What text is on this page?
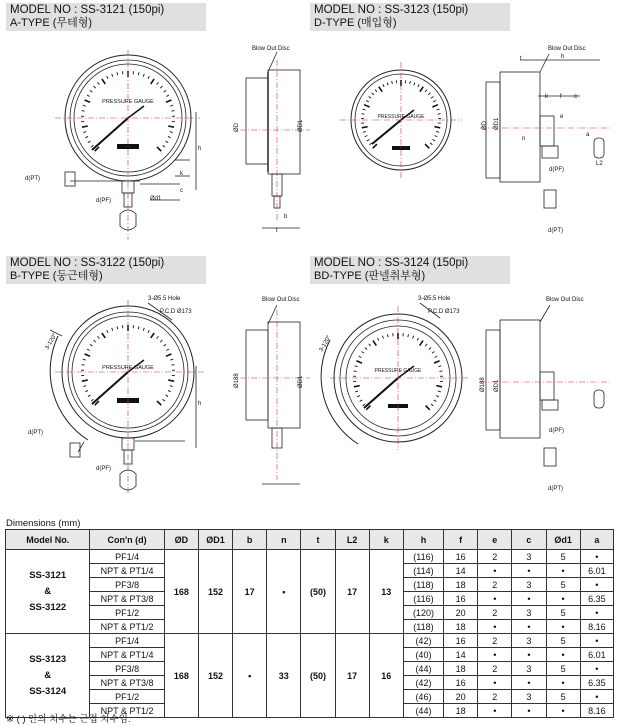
MODEL NO : SS-3121 (150pi)
A-TYPE (무테형)
MODEL NO : SS-3123 (150pi)
D-TYPE (매입형)
MODEL NO : SS-3122 (150pi)
B-TYPE (둥근테형)
MODEL NO : SS-3124 (150pi)
BD-TYPE (판넬취부형)
PRESSURE GAUGE
h
k
c
Ød1
d(PT)
d(PF)
Blow Out Disc
ØD	ØD1
t
b
PRESSURE GAUGE
Blow Out Disc
t	h
k f c
e
n
L2
a
d(PF)
d(PT)
ØD ØD1
PRESSURE GAUGE
3-Ø5.5 Hole
P.C.D Ø173
3-120°
h
d(PT)
d(PF)
Blow Out Disc
Ø188	ØD1
PRESSURE GAUGE
3-Ø5.5 Hole
P.C.D Ø173
3-120°
Blow Out Disc
Ø188 ØD1
d(PF)
d(PT)
Dimensions (mm)
Model No.	Con'n (d)	ØD	ØD1	b	n	t	L2	k	h	f	e	c	Ød1	a

SS-3121
&
SS-3122	PF1/4	168	152	17	•	(50)	17	13	(116)	16	2	3	5	•
	NPT & PT1/4								(114)	14	•	•	•	6.01
	PF3/8								(118)	18	2	3	5	•
	NPT & PT3/8								(116)	16	•	•	•	6.35
	PF1/2								(120)	20	2	3	5	•
	NPT & PT1/2								(118)	18	•	•	•	8.16

SS-3123
&
SS-3124	PF1/4	168	152	•	33	(50)	17	16	(42)	16	2	3	5	•
	NPT & PT1/4								(40)	14	•	•	•	6.01
	PF3/8								(44)	18	2	3	5	•
	NPT & PT3/8								(42)	16	•	•	•	6.35
	PF1/2								(46)	20	2	3	5	•
	NPT & PT1/2								(44)	18	•	•	•	8.16
※ ( ) 안의 치수는 근접 치수임.
